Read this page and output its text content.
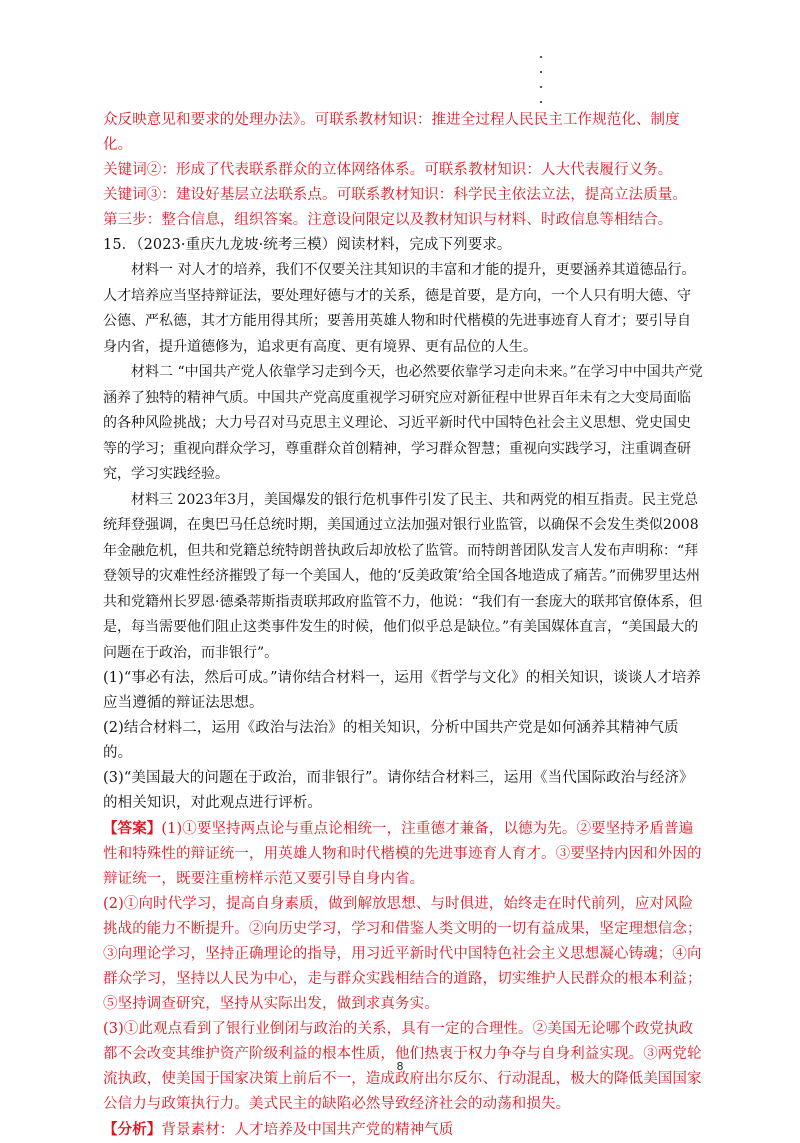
众反映意见和要求的处理办法》。可联系教材知识：推进全过程人民民主工作规范化、制度化。

关键词②：形成了代表联系群众的立体网络体系。可联系教材知识：人大代表履行义务。

关键词③：建设好基层立法联系点。可联系教材知识：科学民主依法立法，提高立法质量。

第三步：整合信息，组织答案。注意设问限定以及教材知识与材料、时政信息等相结合。

15．（2023·重庆九龙坡·统考三模）阅读材料，完成下列要求。

材料一 对人才的培养，我们不仅要关注其知识的丰富和才能的提升，更要涵养其道德品行。人才培养应当坚持辩证法，要处理好德与才的关系，德是首要，是方向，一个人只有明大德、守公德、严私德，其才方能用得其所；要善用英雄人物和时代楷模的先进事迹育人育才；要引导自身内省，提升道德修为，追求更有高度、更有境界、更有品位的人生。

材料二 “中国共产党人依靠学习走到今天，也必然要依靠学习走向未来。”在学习中中国共产党涵养了独特的精神气质。中国共产党高度重视学习研究应对新征程中世界百年未有之大变局面临的各种风险挑战；大力号召对马克思主义理论、习近平新时代中国特色社会主义思想、党史国史等的学习；重视向群众学习，尊重群众首创精神，学习群众智慧；重视向实践学习，注重调查研究，学习实践经验。

材料三 2023年3月，美国爆发的银行危机事件引发了民主、共和两党的相互指责。民主党总统拜登强调，在奥巴马任总统时期，美国通过立法加强对银行业监管，以确保不会发生类似2008年金融危机，但共和党籍总统特朗普执政后却放松了监管。而特朗普团队发言人发布声明称：“拜登领导的灾难性经济摧毁了每一个美国人，他的‘反美政策’给全国各地造成了痛苦。”而佛罗里达州共和党籍州长罗恩·德桑蒂斯指责联邦政府监管不力，他说：“我们有一套庞大的联邦官僚体系，但是，每当需要他们阻止这类事件发生的时候，他们似乎总是缺位。”有美国媒体直言，“美国最大的问题在于政治，而非银行”。

(1)“事必有法，然后可成。”请你结合材料一，运用《哲学与文化》的相关知识，谈谈人才培养应当遵循的辩证法思想。

(2)结合材料二，运用《政治与法治》的相关知识，分析中国共产党是如何涵养其精神气质的。

(3)“美国最大的问题在于政治，而非银行”。请你结合材料三，运用《当代国际政治与经济》的相关知识，对此观点进行评析。

【答案】(1)①要坚持两点论与重点论相统一，注重德才兼备，以德为先。②要坚持矛盾普遍性和特殊性的辩证统一，用英雄人物和时代楷模的先进事迹育人育才。③要坚持内因和外因的辩证统一，既要注重榜样示范又要引导自身内省。

(2)①向时代学习，提高自身素质，做到解放思想、与时俱进，始终走在时代前列，应对风险挑战的能力不断提升。②向历史学习，学习和借鉴人类文明的一切有益成果，坚定理想信念；③向理论学习，坚持正确理论的指导，用习近平新时代中国特色社会主义思想凝心铸魂；④向群众学习，坚持以人民为中心，走与群众实践相结合的道路，切实维护人民群众的根本利益；⑤坚持调查研究，坚持从实际出发，做到求真务实。

(3)①此观点看到了银行业倒闭与政治的关系，具有一定的合理性。②美国无论哪个政党执政都不会改变其维护资产阶级利益的根本性质，他们热衷于权力争夺与自身利益实现。③两党轮流执政，使美国于国家决策上前后不一，造成政府出尔反尔、行动混乱，极大的降低美国国家公信力与政策执行力。美式民主的缺陷必然导致经济社会的动荡和损失。

【分析】背景素材：人才培养及中国共产党的精神气质

8
